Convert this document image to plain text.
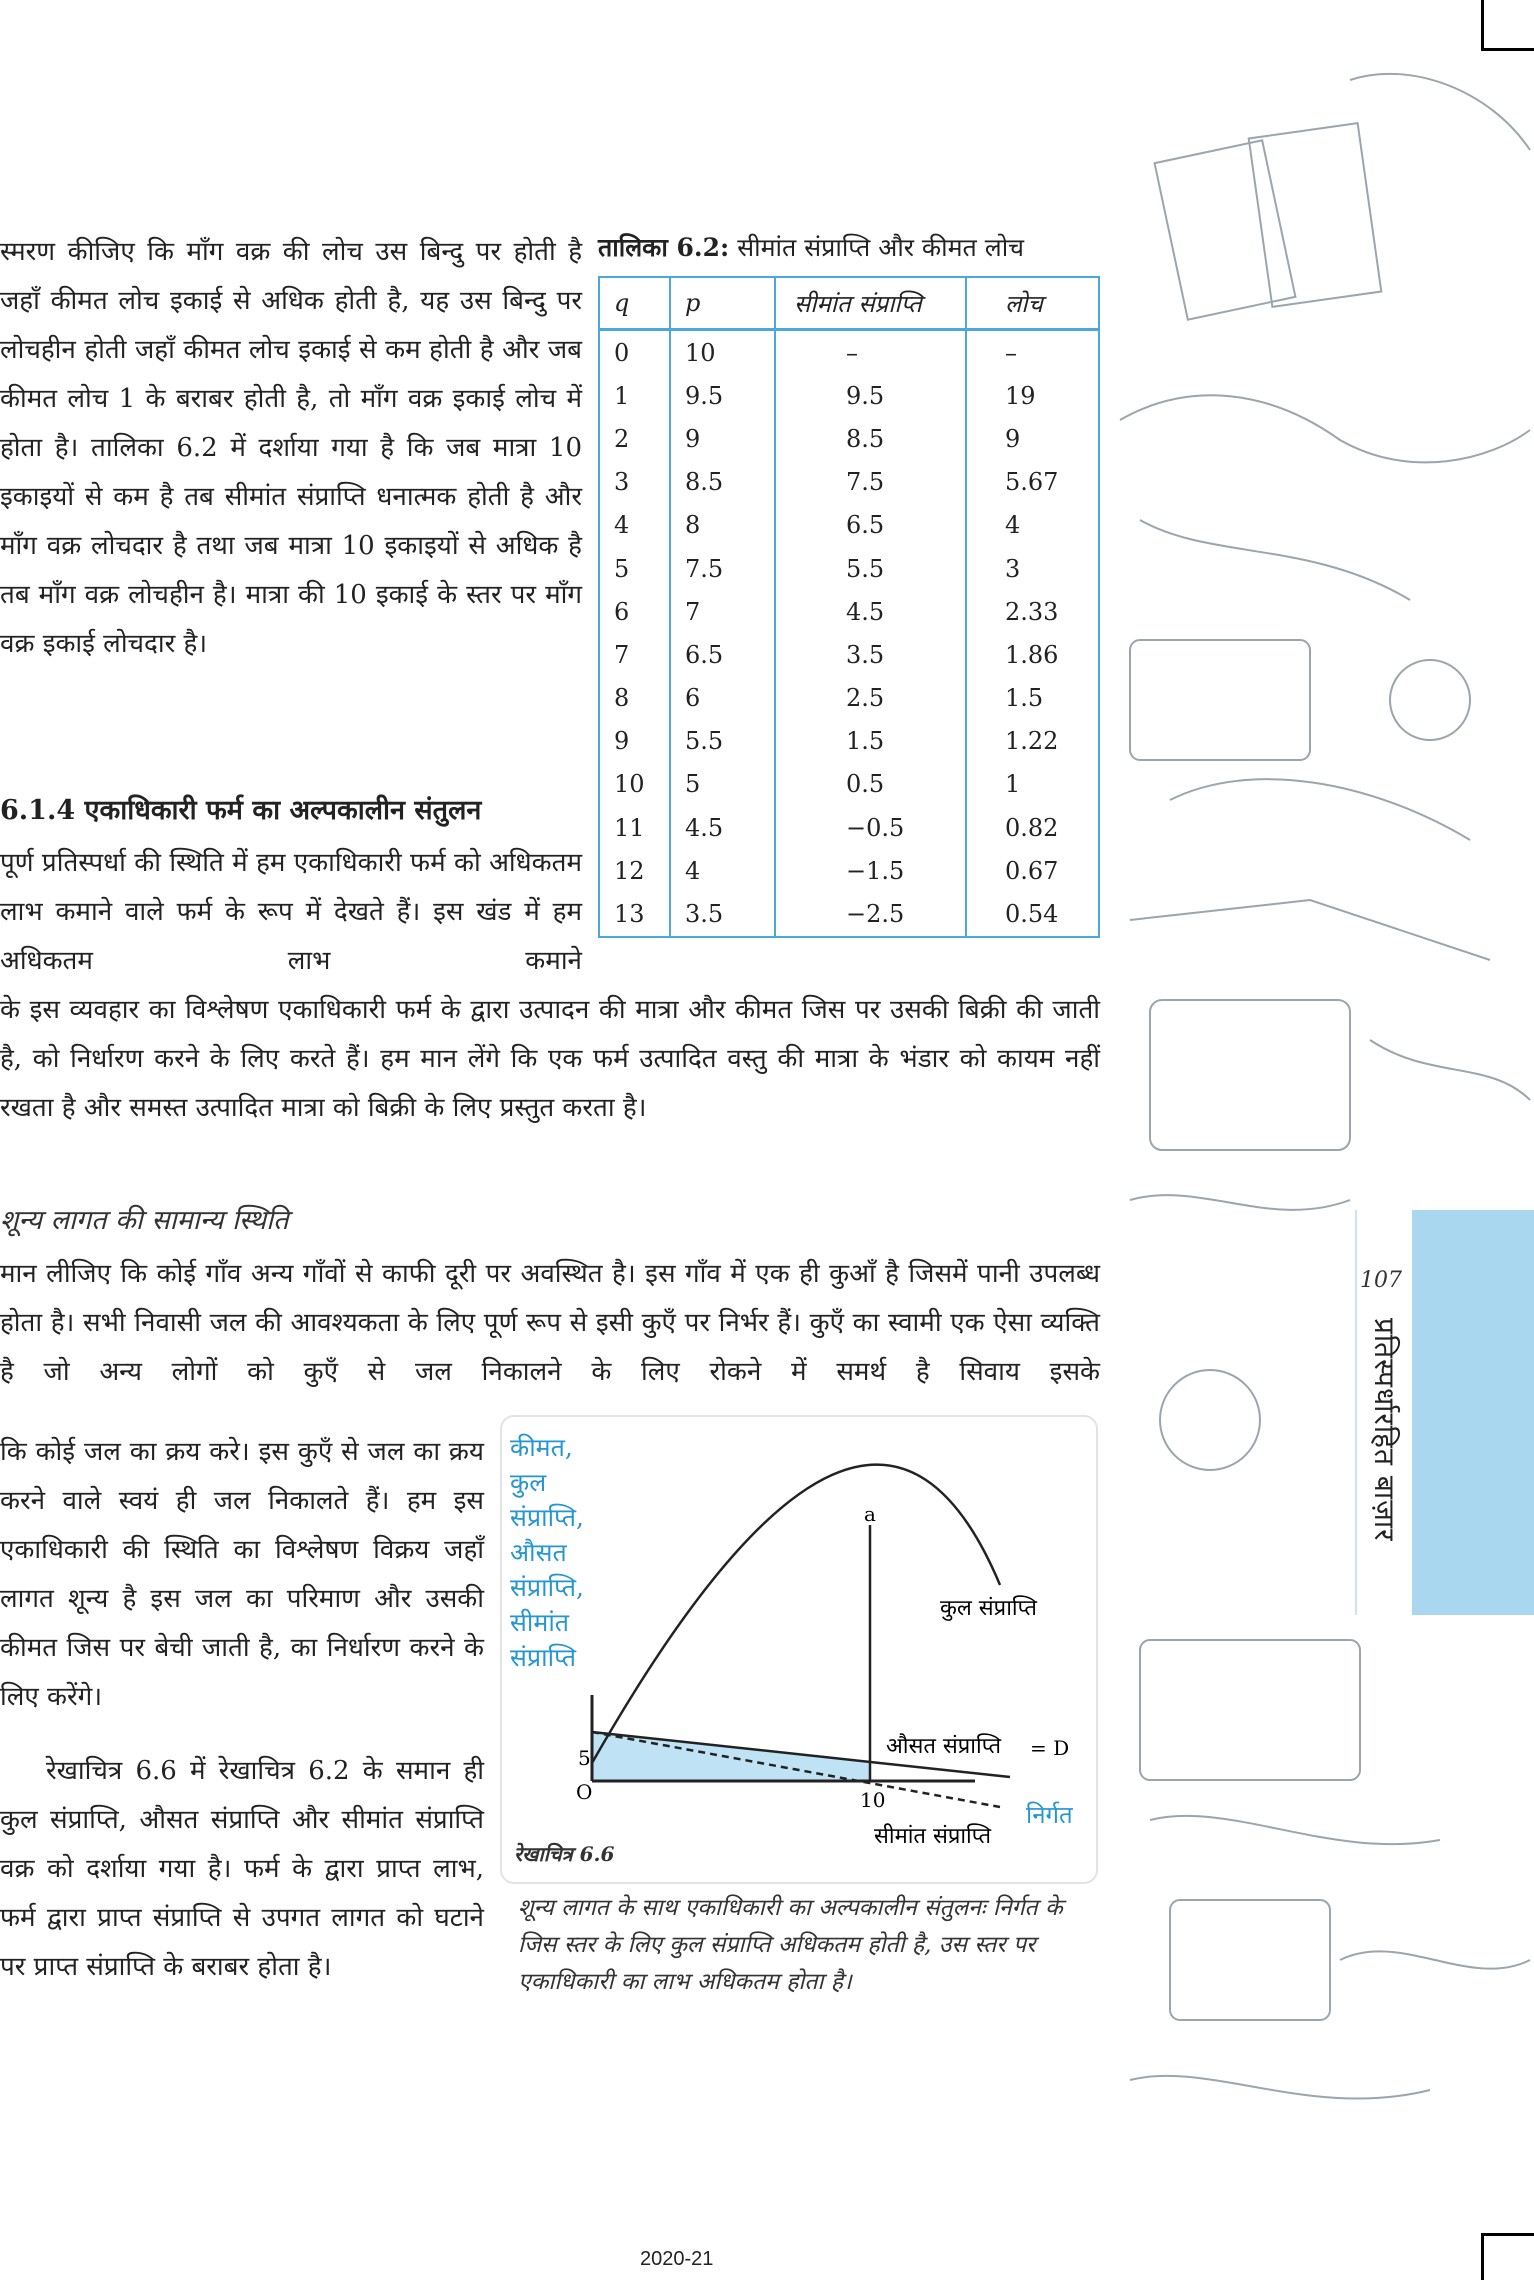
107
प्रतिस्पर्धारहित बाज़ार

स्मरण कीजिए कि माँग वक्र की लोच उस बिन्दु पर होती है जहाँ कीमत लोच इकाई से अधिक होती है, यह उस बिन्दु पर लोचहीन होती जहाँ कीमत लोच इकाई से कम होती है और जब कीमत लोच 1 के बराबर होती है, तो माँग वक्र इकाई लोच में होता है। तालिका 6.2 में दर्शाया गया है कि जब मात्रा 10 इकाइयों से कम है तब सीमांत संप्राप्ति धनात्मक होती है और माँग वक्र लोचदार है तथा जब मात्रा 10 इकाइयों से अधिक है तब माँग वक्र लोचहीन है। मात्रा की 10 इकाई के स्तर पर माँग वक्र इकाई लोचदार है।

6.1.4 एकाधिकारी फर्म का अल्पकालीन संतुलन

पूर्ण प्रतिस्पर्धा की स्थिति में हम एकाधिकारी फर्म को अधिकतम लाभ कमाने वाले फर्म के रूप में देखते हैं। इस खंड में हम अधिकतम लाभ कमाने

के इस व्यवहार का विश्लेषण एकाधिकारी फर्म के द्वारा उत्पादन की मात्रा और कीमत जिस पर उसकी बिक्री की जाती है, को निर्धारण करने के लिए करते हैं। हम मान लेंगे कि एक फर्म उत्पादित वस्तु की मात्रा के भंडार को कायम नहीं रखता है और समस्त उत्पादित मात्रा को बिक्री के लिए प्रस्तुत करता है।

शून्य लागत की सामान्य स्थिति

मान लीजिए कि कोई गाँव अन्य गाँवों से काफी दूरी पर अवस्थित है। इस गाँव में एक ही कुआँ है जिसमें पानी उपलब्ध होता है। सभी निवासी जल की आवश्यकता के लिए पूर्ण रूप से इसी कुएँ पर निर्भर हैं। कुएँ का स्वामी एक ऐसा व्यक्ति है जो अन्य लोगों को कुएँ से जल निकालने के लिए रोकने में समर्थ है सिवाय इसके

कि कोई जल का क्रय करे। इस कुएँ से जल का क्रय करने वाले स्वयं ही जल निकालते हैं। हम इस एकाधिकारी की स्थिति का विश्लेषण विक्रय जहाँ लागत शून्य है इस जल का परिमाण और उसकी कीमत जिस पर बेची जाती है, का निर्धारण करने के लिए करेंगे।

रेखाचित्र 6.6 में रेखाचित्र 6.2 के समान ही कुल संप्राप्ति, औसत संप्राप्ति और सीमांत संप्राप्ति वक्र को दर्शाया गया है। फर्म के द्वारा प्राप्त लाभ, फर्म द्वारा प्राप्त संप्राप्ति से उपगत लागत को घटाने पर प्राप्त संप्राप्ति के बराबर होता है।

तालिका 6.2: सीमांत संप्राप्ति और कीमत लोच

q	p	सीमांत संप्राप्ति	लोच
0	10	–	–
1	9.5	9.5	19
2	9	8.5	9
3	8.5	7.5	5.67
4	8	6.5	4
5	7.5	5.5	3
6	7	4.5	2.33
7	6.5	3.5	1.86
8	6	2.5	1.5
9	5.5	1.5	1.22
10	5	0.5	1
11	4.5	−0.5	0.82
12	4	−1.5	0.67
13	3.5	−2.5	0.54

कीमत,
कुल
संप्राप्ति,
औसत
संप्राप्ति,
सीमांत
संप्राप्ति

a
कुल संप्राप्ति
औसत संप्राप्ति = D
सीमांत संप्राप्ति
निर्गत
5
O	10
रेखाचित्र 6.6

शून्य लागत के साथ एकाधिकारी का अल्पकालीन संतुलनः निर्गत के जिस स्तर के लिए कुल संप्राप्ति अधिकतम होती है, उस स्तर पर एकाधिकारी का लाभ अधिकतम होता है।

2020-21
